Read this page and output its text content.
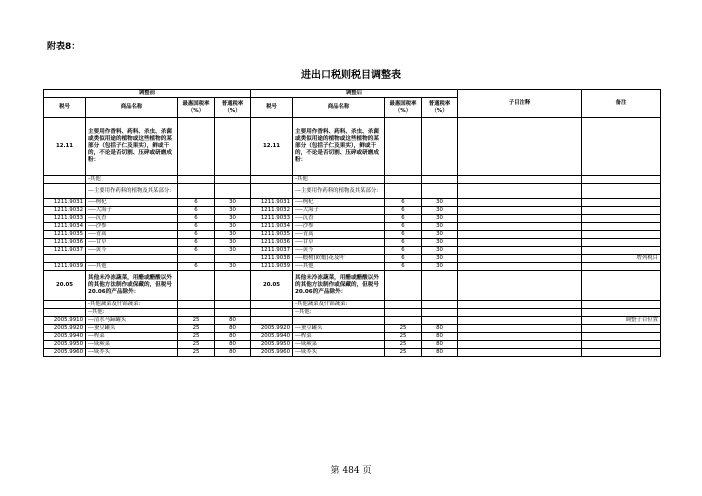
附表8：
进出口税则税目调整表
调整前				调整后				子目注释	备注
税号	商品名称	最惠国税率（%）	普通税率（%）	税号	商品名称	最惠国税率（%）	普通税率（%）		
12.11	主要用作香料、药料、杀虫、杀菌或类似用途的植物或这些植物的某部分（包括子仁及果实），鲜或干的，不论是否切割、压碎或研磨成粉：			12.11	主要用作香料、药料、杀虫、杀菌或类似用途的植物或这些植物的某部分（包括子仁及果实），鲜或干的，不论是否切割、压碎或研磨成粉：				
	-其他				-其他				
	---主要用作药料的植物及其某部分:				---主要用作药料的植物及其某部分:				
1211.9031	----枸杞	6	30	1211.9031	----枸杞	6	30		
1211.9032	----大海子	6	30	1211.9032	----大海子	6	30		
1211.9033	----沉香	6	30	1211.9033	----沉香	6	30		
1211.9034	----沙参	6	30	1211.9034	----沙参	6	30		
1211.9035	----青蒿	6	30	1211.9035	----青蒿	6	30		
1211.9036	----甘草	6	30	1211.9036	----甘草	6	30		
1211.9037	----黄芩	6	30	1211.9037	----黄芩	6	30		
				1211.9038	----椴树(欧椴)花及叶	6	30		增列税目
1211.9039	----其他	6	30	1211.9039	----其他	6	30		
20.05	其他未冷冻蔬菜，用醋或醋酸以外的其他方法制作或保藏的，但税号20.06的产品除外：			20.05	其他未冷冻蔬菜，用醋或醋酸以外的其他方法制作或保藏的，但税号20.06的产品除外：				
	-其他蔬菜及什锦蔬菜:				-其他蔬菜及什锦蔬菜:				
	--其他:				--其他:				
2005.9910	---清水马蹄罐头	25	80						调整子目位置
2005.9920	---蚕豆罐头	25	80	2005.9920	---蚕豆罐头	25	80		
2005.9940	---榨菜	25	80	2005.9940	---榨菜	25	80		
2005.9950	---咸蕨菜	25	80	2005.9950	---咸蕨菜	25	80		
2005.9960	---咸荞头	25	80	2005.9960	---咸荞头	25	80		
第 484 页
